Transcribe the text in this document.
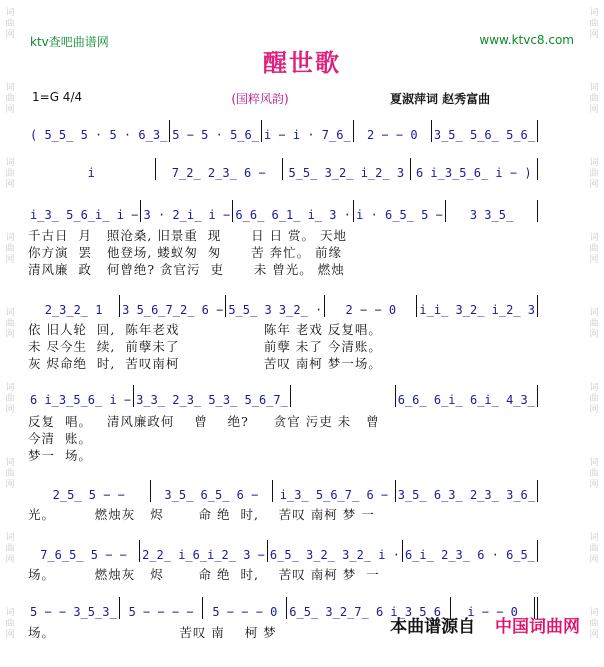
词
曲
网
词
曲
网
词
曲
网
词
曲
网
词
曲
网
词
曲
网
词
曲
网
词
曲
网
词
曲
网
词
曲
网
词
曲
网
词
曲
网
词
曲
网
词
曲
网
词
曲
网
词
曲
网
词
曲
网
词
曲
网
ktv查吧曲谱网	www.ktvc8.com
醒世歌
1=G 4/4	(国粹风韵)	夏淑萍词 赵秀富曲
( 5̲5̲ 5 · 5 · 6̲3̲ 5 − 5 · 5̲6̲ i − i · 7̲6̲	2 − − 0	3̲5̲ 5̲6̲ 5̲6̲
i	7̲2̲ 2̲3̲ 6 −	5̲5̲ 3̲2̲ i̲2̲ 3 6 i̲3̲5̲6̲ i − )
i̲3̲ 5̲6̲i̲ i − 3 · 2̲i̲ i − 6̲6̲ 6̲1̲ i̲ 3 · i · 6̲5̲ 5 −	3 3̲5̲
2̲3̲2̲ 1	3 5̲6̲7̲2̲ 6 − 5̲5̲ 3 3̲2̲ ·	2 − − 0	i̲i̲ 3̲2̲ i̲2̲ 3
6 i̲3̲5̲6̲ i − 3̲3̲ 2̲3̲ 5̲3̲ 5̲6̲7̲	6̲6̲ 6̲i̲ 6̲i̲ 4̲3̲
2̲5̲ 5 − −	3̲5̲ 6̲5̲ 6 −	i̲3̲ 5̲6̲7̲ 6 − 3̲5̲ 6̲3̲ 2̲3̲ 3̲6̲
7̲6̲5̲ 5 − −	2̲2̲ i̲6̲i̲2̲ 3 − 6̲5̲ 3̲2̲ 3̲2̲ i · 6̲i̲ 2̲3̲ 6 · 6̲5̲
5 − − 3̲5̲3̲ 5 − − − −	5 − − − 0 6̲5̲ 3̲2̲7̲ 6 i̲3̲5̲6̲	i − − 0
千古日  月   照沧桑, 旧景重  现      日 日 赏。 天地
你方演  罢   他登场, 蝼蚁匆  匆      苦 奔忙。 前缘
清风廉  政   何曾绝? 贪官污  吏      未 曾光。 燃烛
依 旧人轮  回,  陈年老戏                 陈年 老戏 反复唱。
未 尽今生  续,  前孽未了                 前孽 未了 今清账。
灰 烬命绝  时,  苦叹南柯                 苦叹 南柯 梦一场。
反复  唱。   清风廉政何    曾    绝?     贪官 污吏 未   曾
今清  账。
梦一  场。
光。        燃烛灰   烬       命 绝  时,    苦叹 南柯 梦 一
场。        燃烛灰   烬       命 绝  时,    苦叹 南柯 梦  一
场。                         苦叹 南    柯 梦	本曲谱源自 中国词曲网
